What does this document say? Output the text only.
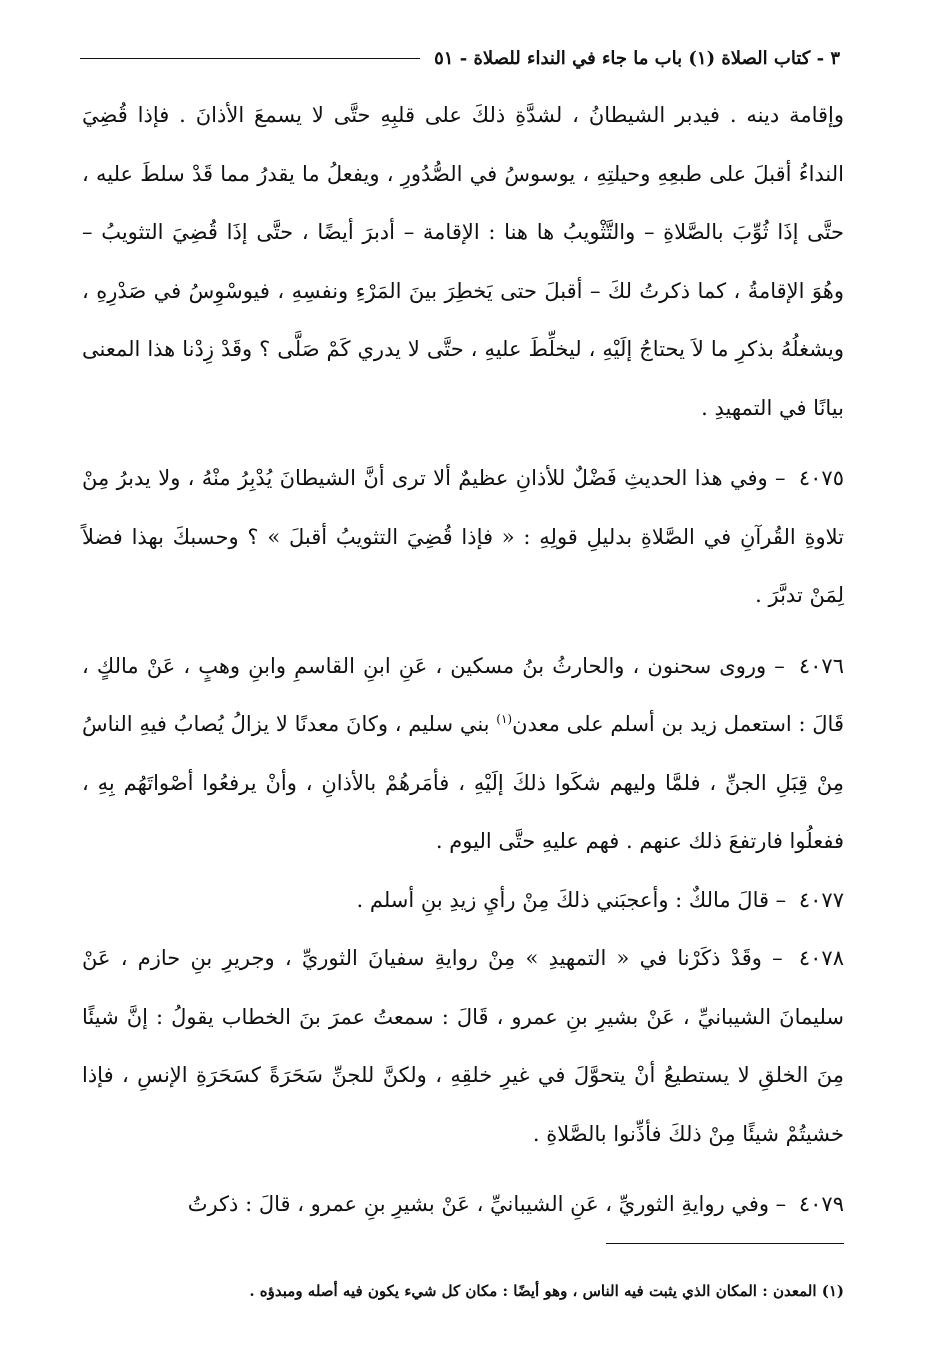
٣ - كتاب الصلاة (١) باب ما جاء في النداء للصلاة - ٥١

وإقامة دينه . فيدبر الشيطانُ ، لشدَّةِ ذلكَ على قلبِهِ حتَّى لا يسمعَ الأذانَ . فإذا قُضِيَ النداءُ أقبلَ على طبعِهِ وحيلتِهِ ، يوسوسُ في الصُّدُورِ ، ويفعلُ ما يقدرُ مما قَدْ سلطَ عليه ، حتَّى إذَا ثُوِّبَ بالصَّلاةِ – والتَّثْويبُ ها هنا : الإقامة – أدبرَ أيضًا ، حتَّى إذَا قُضِيَ التثويبُ – وهُوَ الإقامةُ ، كما ذكرتُ لكَ – أقبلَ حتى يَخطِرَ بينَ المَرْءِ ونفسِهِ ، فيوسْوِسُ في صَدْرِهِ ، ويشغلُهُ بذكرِ ما لاَ يحتاجُ إلَيْهِ ، ليخلِّطَ عليهِ ، حتَّى لا يدري كَمْ صَلَّى ؟ وقَدْ زِدْنا هذا المعنى بيانًا في التمهيدِ .

٤٠٧٥ – وفي هذا الحديثِ فَضْلٌ للأذانِ عظيمٌ ألا ترى أنَّ الشيطانَ يُدْبِرُ منْهُ ، ولا يدبرُ مِنْ تلاوةِ القُرآنِ في الصَّلاةِ بدليلِ قولِهِ : « فإذا قُضِيَ التثويبُ أقبلَ » ؟ وحسبكَ بهذا فضلاً لِمَنْ تدبَّرَ .

٤٠٧٦ – وروى سحنون ، والحارثُ بنُ مسكين ، عَنِ ابنِ القاسمِ وابنِ وهبٍ ، عَنْ مالكٍ ، قَالَ : استعمل زيد بن أسلم على معدن$^{(١)}$ بني سليم ، وكانَ معدنًا لا يزالُ يُصابُ فيهِ الناسُ مِنْ قِبَلِ الجنِّ ، فلمَّا وليهم شكَوا ذلكَ إلَيْهِ ، فأمَرهُمْ بالأذانِ ، وأنْ يرفعُوا أصْواتَهُم بِهِ ، ففعلُوا فارتفعَ ذلك عنهم . فهم عليهِ حتَّى اليوم .

٤٠٧٧ – قالَ مالكٌ : وأعجبَني ذلكَ مِنْ رأيِ زيدِ بنِ أسلم .

٤٠٧٨ – وقَدْ ذكَرْنا في « التمهيدِ » مِنْ روايةِ سفيانَ الثوريِّ ، وجريرِ بنِ حازم ، عَنْ سليمانَ الشيبانيِّ ، عَنْ بشيرِ بنِ عمرو ، قَالَ : سمعتُ عمرَ بنَ الخطاب يقولُ : إنَّ شيئًا مِنَ الخلقِ لا يستطيعُ أنْ يتحوَّلَ في غيرِ خلقِهِ ، ولكنَّ للجنِّ سَحَرَةً كسَحَرَةِ الإنسِ ، فإذا خشيتُمْ شيئًا مِنْ ذلكَ فأذِّنوا بالصَّلاةِ .

٤٠٧٩ – وفي روايةِ الثوريِّ ، عَنِ الشيبانيِّ ، عَنْ بشيرِ بنِ عمرو ، قالَ : ذكرتُ

(١) المعدن : المكان الذي يثبت فيه الناس ، وهو أيضًا : مكان كل شيء يكون فيه أصله ومبدؤه .
